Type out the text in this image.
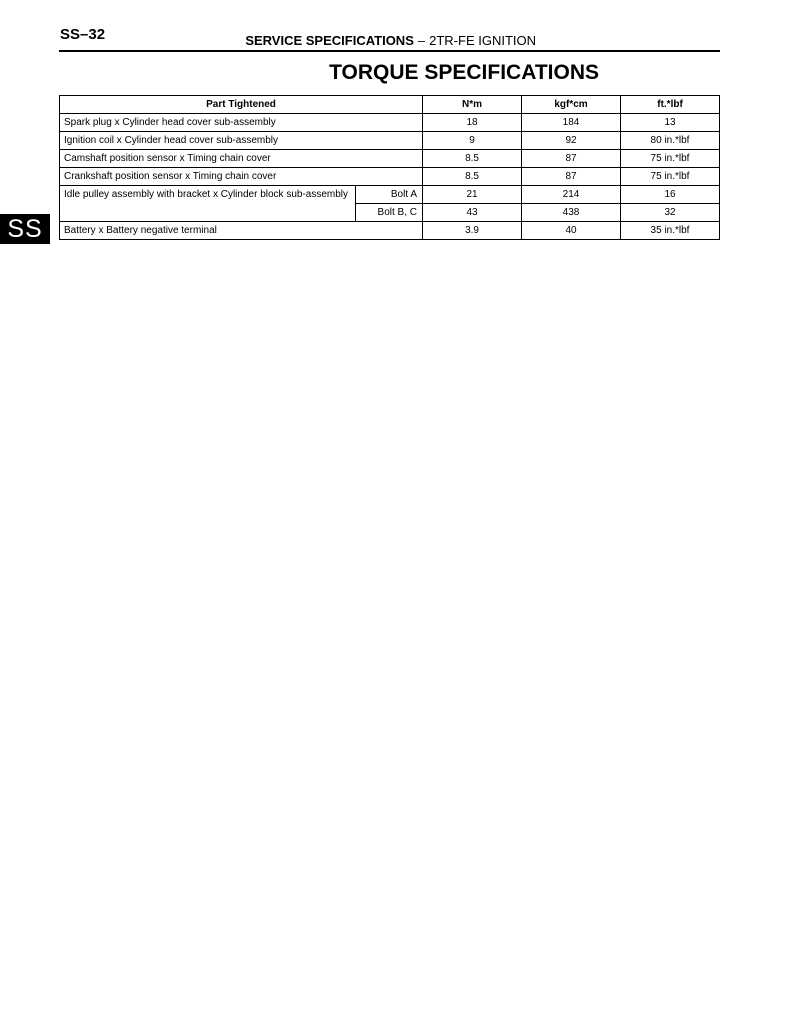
SS–32	SERVICE SPECIFICATIONS – 2TR-FE IGNITION
TORQUE SPECIFICATIONS
SS
Part Tightened		N*m	kgf*cm	ft.*lbf
Spark plug x Cylinder head cover sub-assembly		18	184	13
Ignition coil x Cylinder head cover sub-assembly		9	92	80 in.*lbf
Camshaft position sensor x Timing chain cover		8.5	87	75 in.*lbf
Crankshaft position sensor x Timing chain cover		8.5	87	75 in.*lbf
Idle pulley assembly with bracket x Cylinder block sub-assembly	Bolt A	21	214	16
	Bolt B, C	43	438	32
Battery x Battery negative terminal		3.9	40	35 in.*lbf
